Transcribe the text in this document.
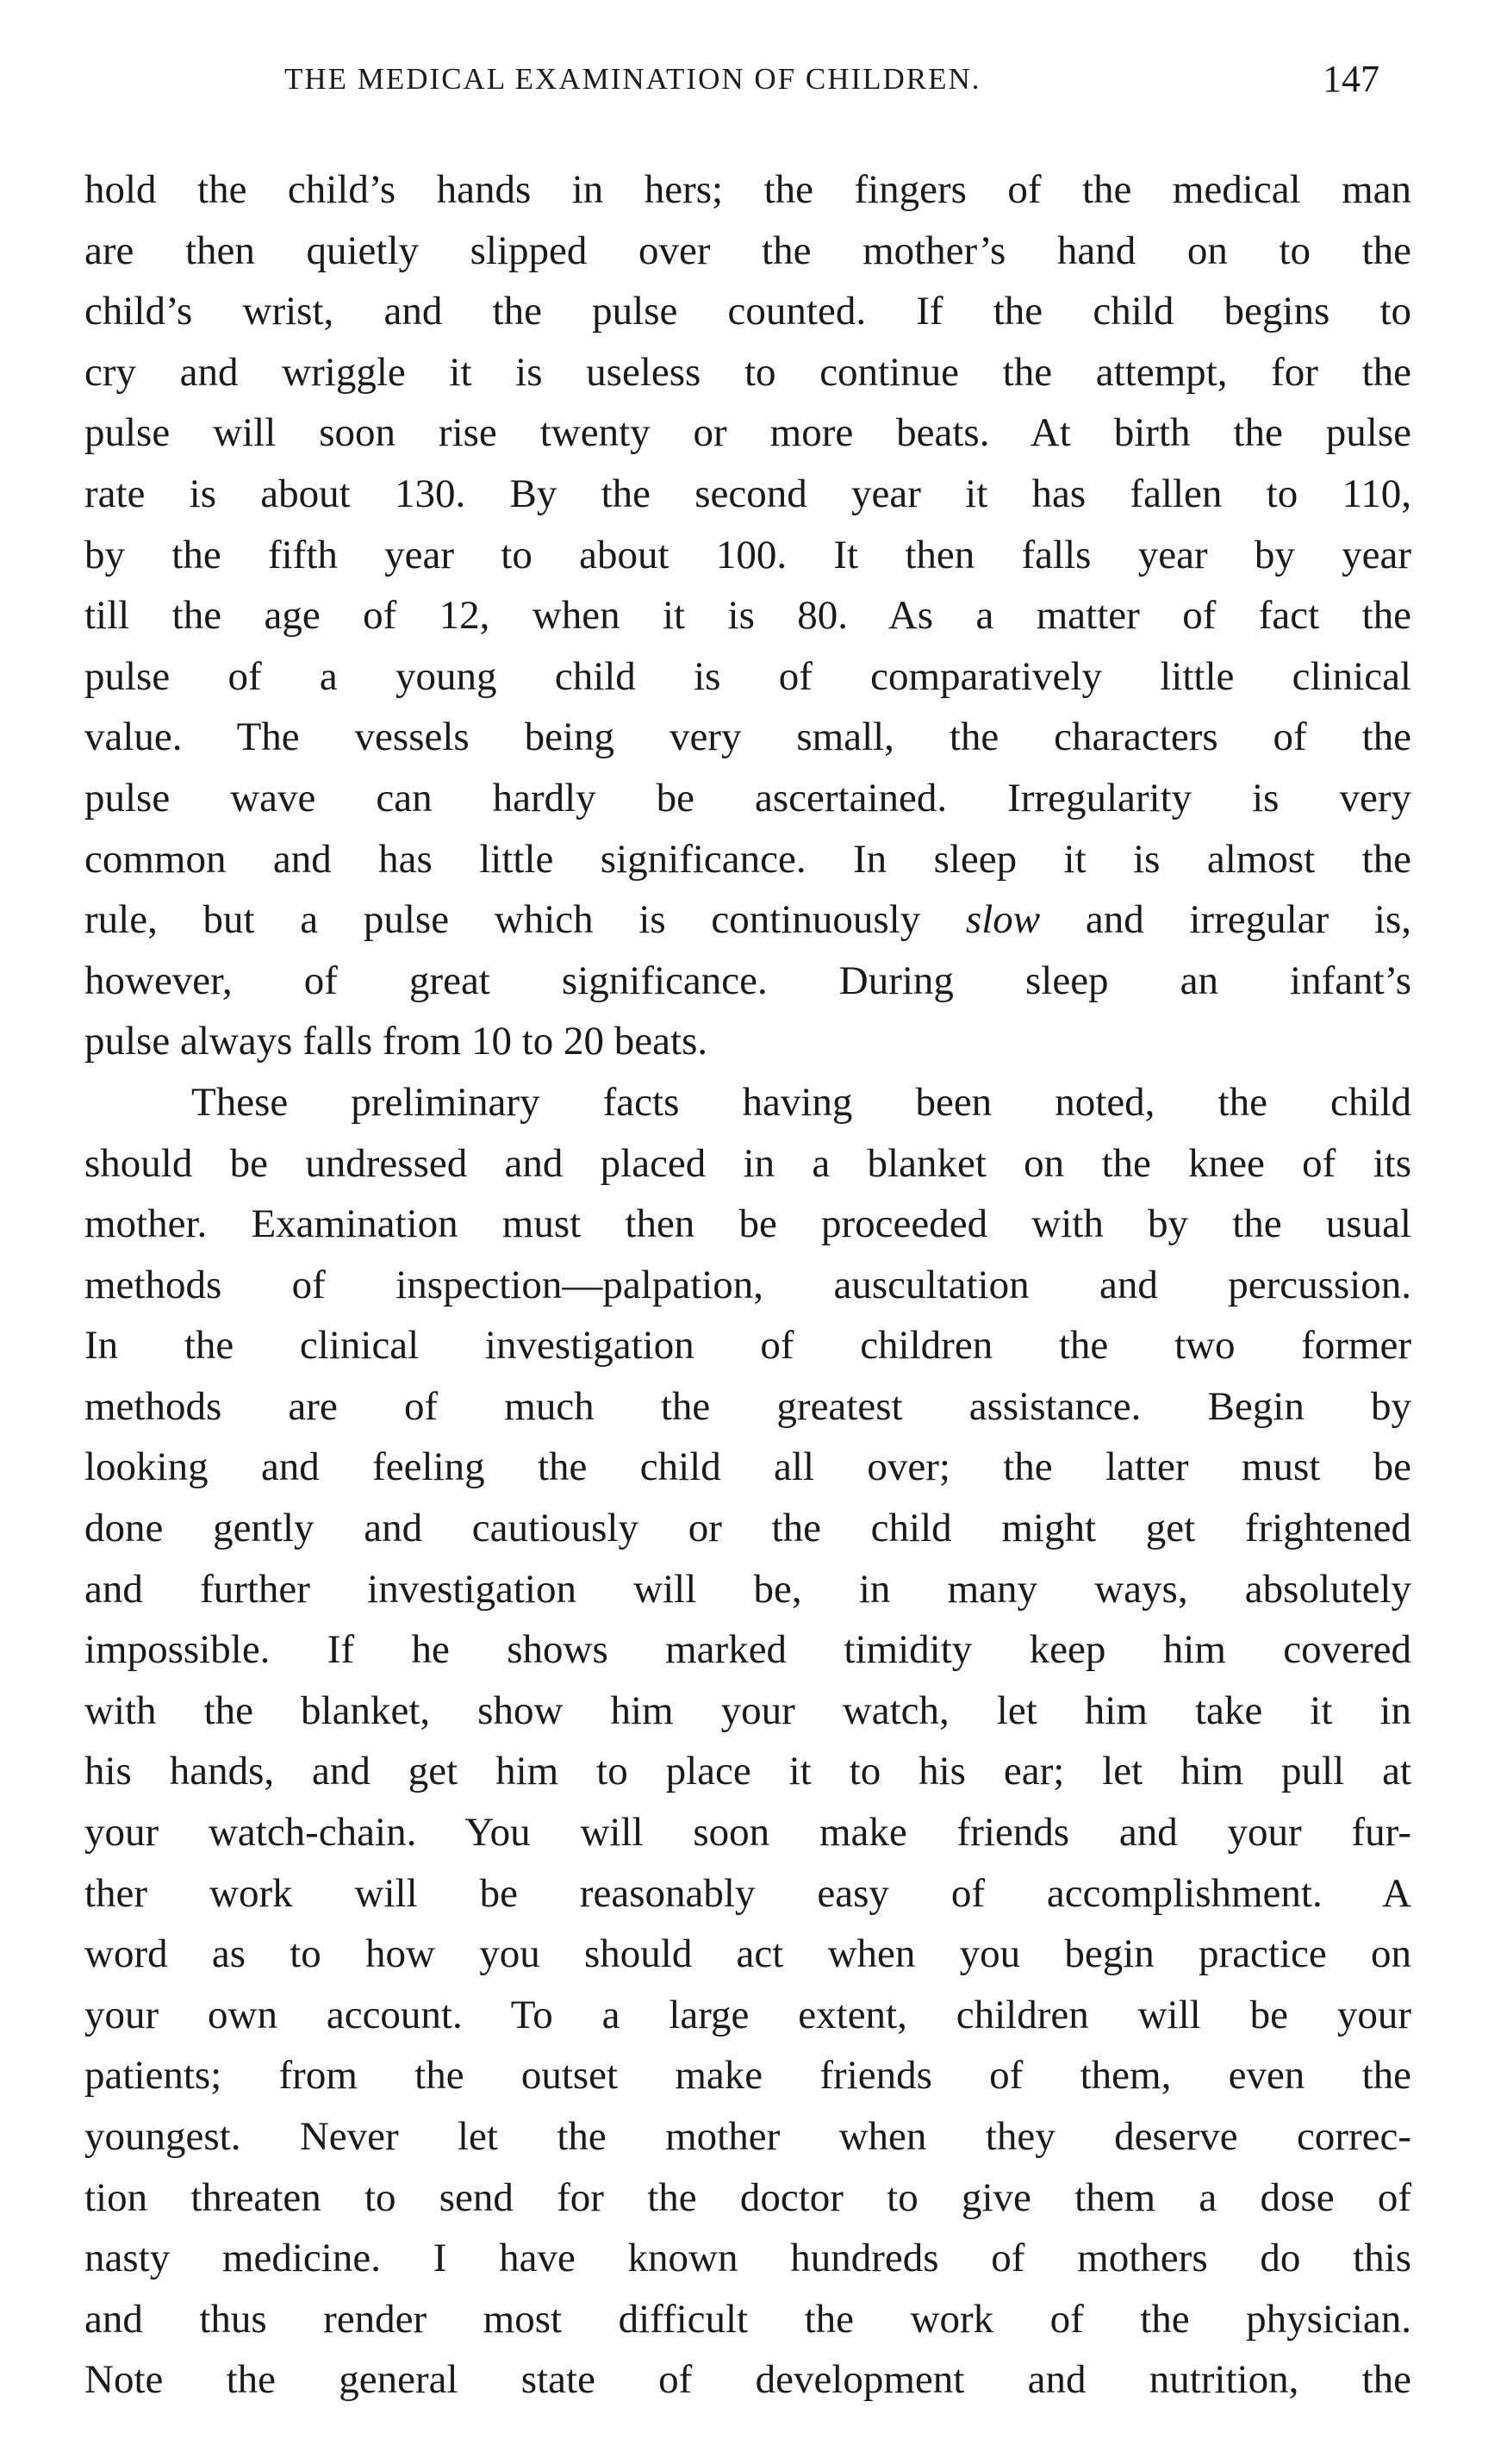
THE MEDICAL EXAMINATION OF CHILDREN.	147
hold the child’s hands in hers; the fingers of the medical man
are then quietly slipped over the mother’s hand on to the
child’s wrist, and the pulse counted. If the child begins to
cry and wriggle it is useless to continue the attempt, for the
pulse will soon rise twenty or more beats. At birth the pulse
rate is about 130. By the second year it has fallen to 110,
by the fifth year to about 100. It then falls year by year
till the age of 12, when it is 80. As a matter of fact the
pulse of a young child is of comparatively little clinical
value. The vessels being very small, the characters of the
pulse wave can hardly be ascertained. Irregularity is very
common and has little significance. In sleep it is almost the
rule, but a pulse which is continuously slow and irregular is,
however, of great significance. During sleep an infant’s
pulse always falls from 10 to 20 beats.
These preliminary facts having been noted, the child
should be undressed and placed in a blanket on the knee of its
mother. Examination must then be proceeded with by the usual
methods of inspection—palpation, auscultation and percussion.
In the clinical investigation of children the two former
methods are of much the greatest assistance. Begin by
looking and feeling the child all over; the latter must be
done gently and cautiously or the child might get frightened
and further investigation will be, in many ways, absolutely
impossible. If he shows marked timidity keep him covered
with the blanket, show him your watch, let him take it in
his hands, and get him to place it to his ear; let him pull at
your watch-chain. You will soon make friends and your fur-
ther work will be reasonably easy of accomplishment. A
word as to how you should act when you begin practice on
your own account. To a large extent, children will be your
patients; from the outset make friends of them, even the
youngest. Never let the mother when they deserve correc-
tion threaten to send for the doctor to give them a dose of
nasty medicine. I have known hundreds of mothers do this
and thus render most difficult the work of the physician.
Note the general state of development and nutrition, the
